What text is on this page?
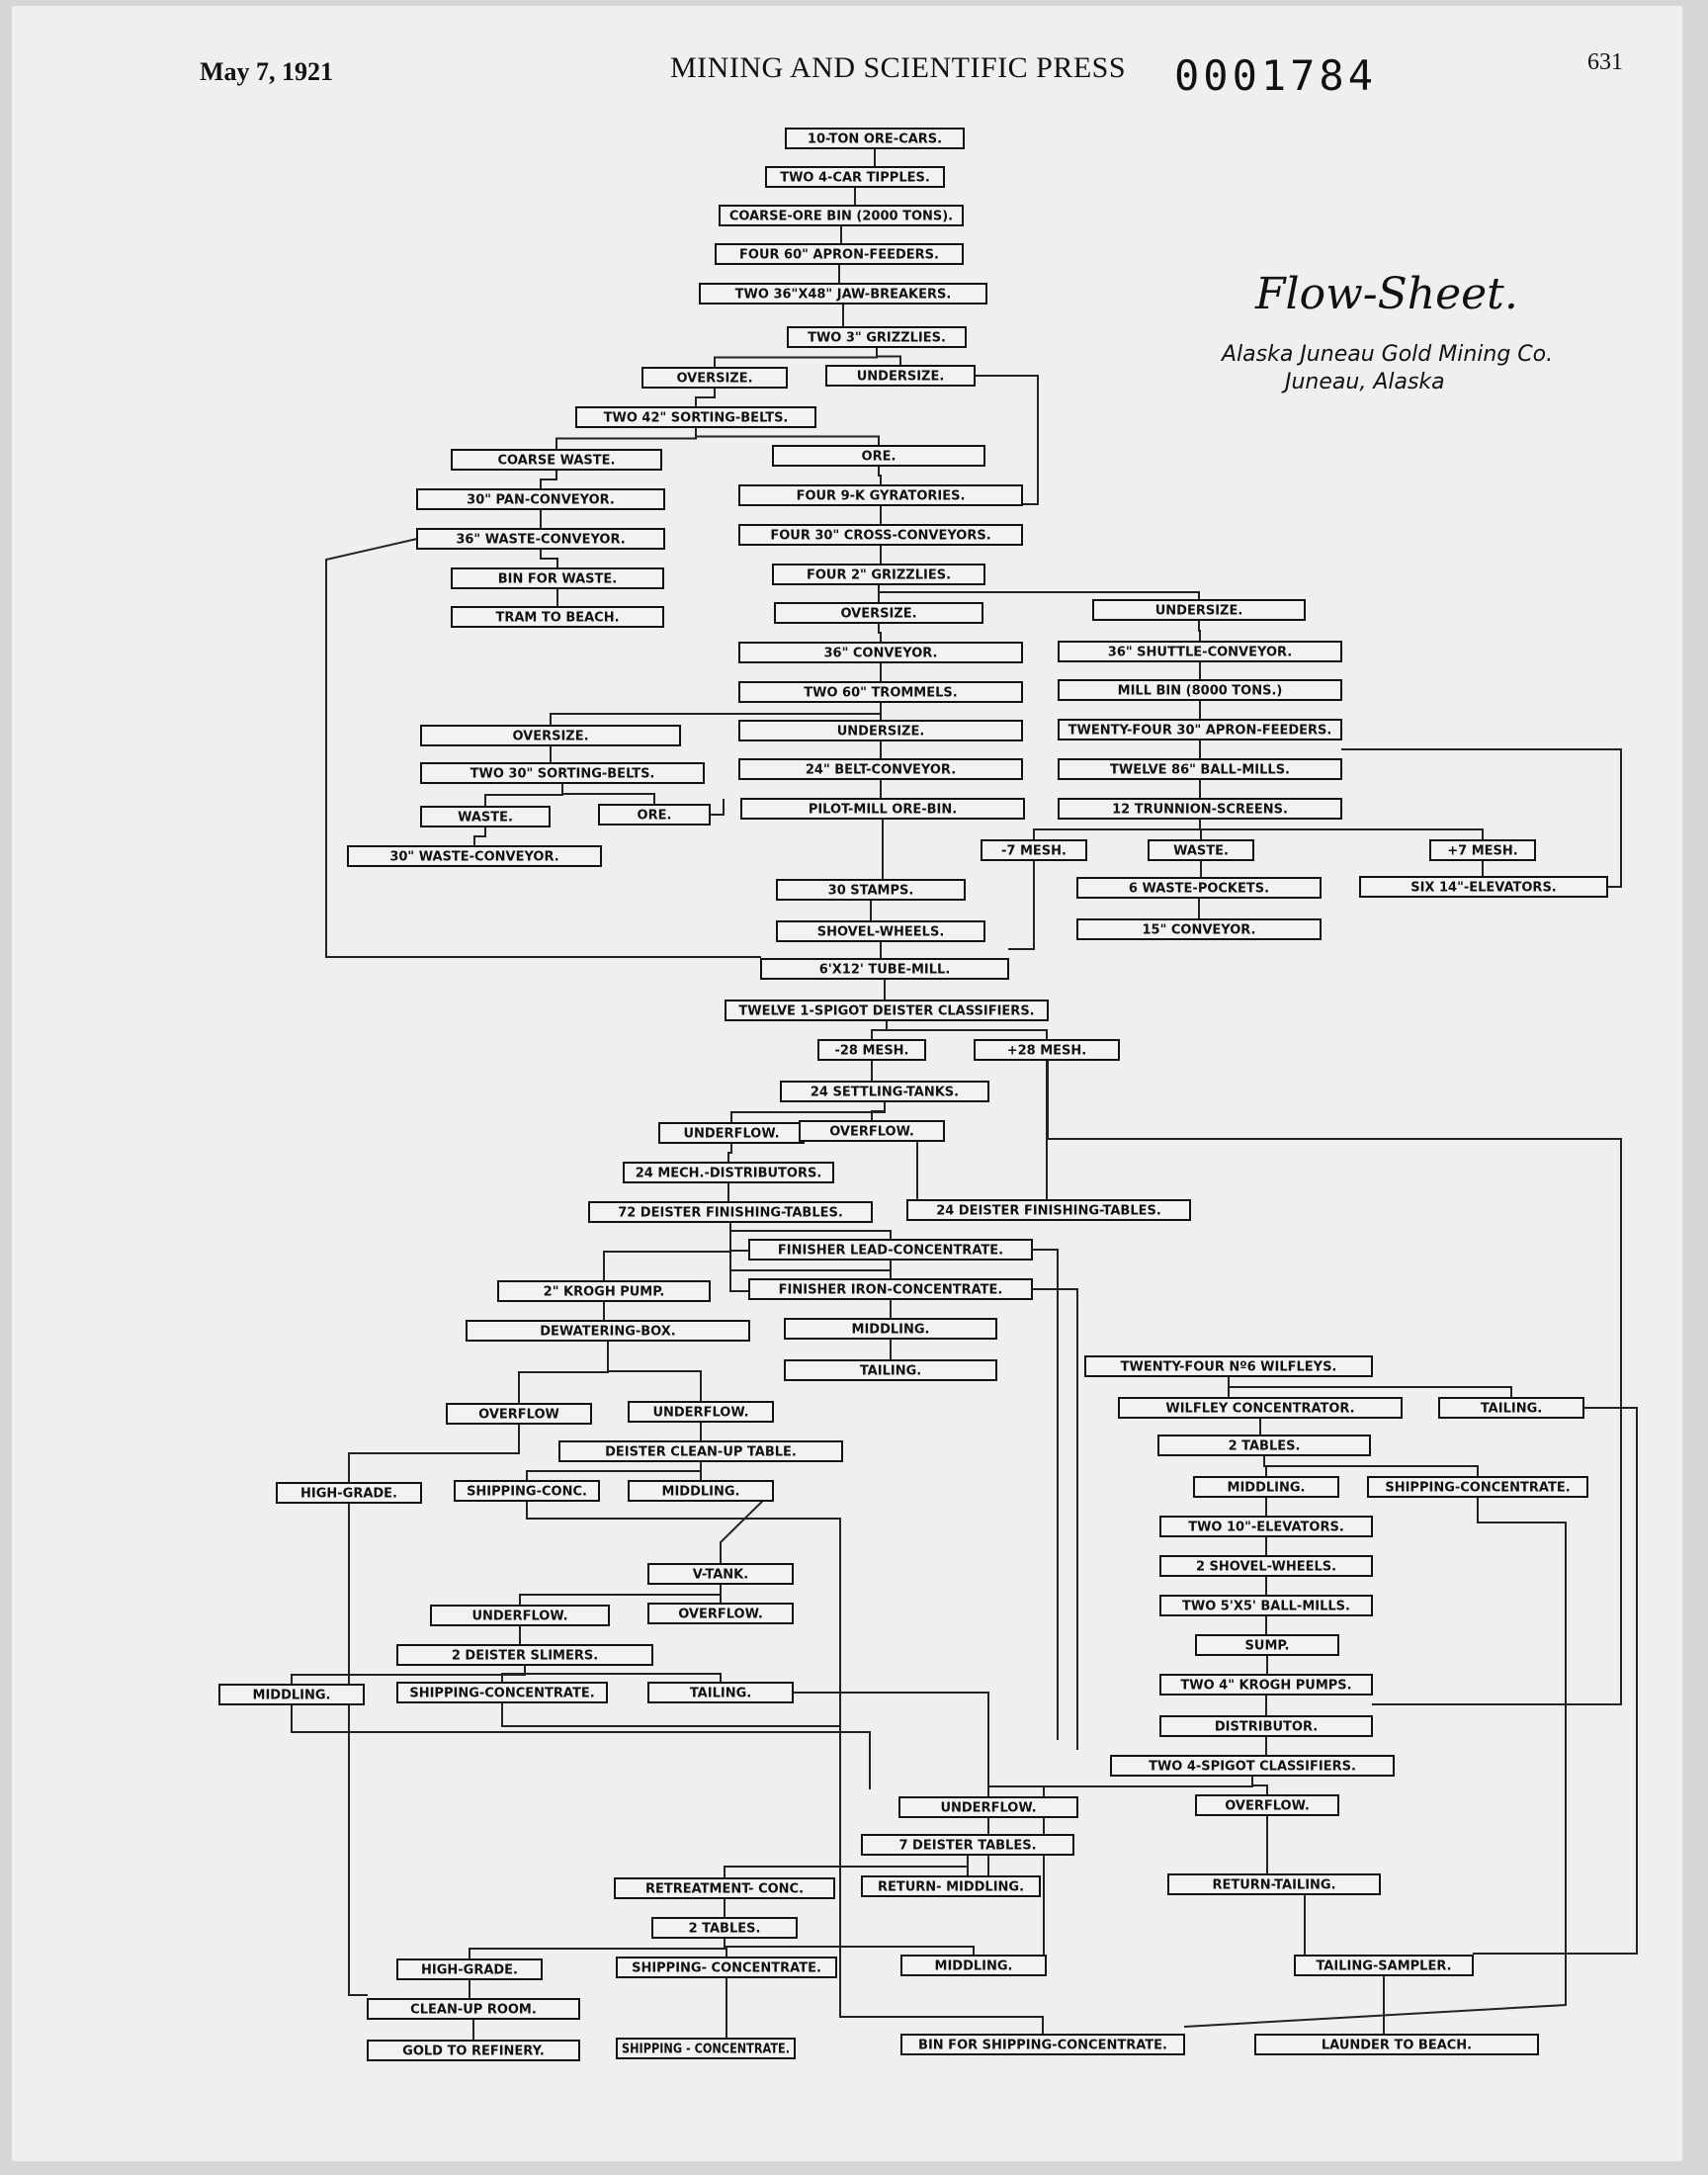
May 7, 1921	MINING AND SCIENTIFIC PRESS 0001784	631
Flow-Sheet.
Alaska Juneau Gold Mining Co.
Juneau, Alaska
10-TON ORE-CARS.
TWO 4-CAR TIPPLES.
COARSE-ORE BIN (2000 TONS).
FOUR 60" APRON-FEEDERS.
TWO 36"X48" JAW-BREAKERS.
TWO 3" GRIZZLIES.
OVERSIZE.	UNDERSIZE.
TWO 42" SORTING-BELTS.
COARSE WASTE.	ORE.
30" PAN-CONVEYOR.	FOUR 9-K GYRATORIES.
36" WASTE-CONVEYOR.	FOUR 30" CROSS-CONVEYORS.
BIN FOR WASTE.	FOUR 2" GRIZZLIES.
TRAM TO BEACH.	OVERSIZE.	UNDERSIZE.
36" CONVEYOR.	36" SHUTTLE-CONVEYOR.
TWO 60" TROMMELS.	MILL BIN (8000 TONS.)
OVERSIZE.	UNDERSIZE.	TWENTY-FOUR 30" APRON-FEEDERS.
TWO 30" SORTING-BELTS.	24" BELT-CONVEYOR.	TWELVE 86" BALL-MILLS.
WASTE.	ORE.	PILOT-MILL ORE-BIN.	12 TRUNNION-SCREENS.
30" WASTE-CONVEYOR.	-7 MESH.	WASTE.	+7 MESH.
30 STAMPS.	6 WASTE-POCKETS.	SIX 14"-ELEVATORS.
SHOVEL-WHEELS.	15" CONVEYOR.
6'X12' TUBE-MILL.
TWELVE 1-SPIGOT DEISTER CLASSIFIERS.
-28 MESH.	+28 MESH.
24 SETTLING-TANKS.
UNDERFLOW.	OVERFLOW.
24 MECH.-DISTRIBUTORS.
72 DEISTER FINISHING-TABLES.	24 DEISTER FINISHING-TABLES.
FINISHER LEAD-CONCENTRATE.
2" KROGH PUMP.	FINISHER IRON-CONCENTRATE.
DEWATERING-BOX.	MIDDLING.
TAILING.	TWENTY-FOUR Nº6 WILFLEYS.
OVERFLOW	UNDERFLOW.	WILFLEY CONCENTRATOR.	TAILING.
DEISTER CLEAN-UP TABLE.	2 TABLES.
HIGH-GRADE.	SHIPPING-CONC.	MIDDLING.	MIDDLING.	SHIPPING-CONCENTRATE.
TWO 10"-ELEVATORS.
2 SHOVEL-WHEELS.
V-TANK.
TWO 5'X5' BALL-MILLS.
UNDERFLOW.	OVERFLOW.
SUMP.
2 DEISTER SLIMERS.
TWO 4" KROGH PUMPS.
MIDDLING.	SHIPPING-CONCENTRATE.	TAILING.
DISTRIBUTOR.
TWO 4-SPIGOT CLASSIFIERS.
UNDERFLOW.	OVERFLOW.
7 DEISTER TABLES.
RETREATMENT- CONC.	RETURN- MIDDLING.	RETURN-TAILING.
2 TABLES.
HIGH-GRADE.	SHIPPING- CONCENTRATE.	MIDDLING.	TAILING-SAMPLER.
CLEAN-UP ROOM.
GOLD TO REFINERY.	SHIPPING - CONCENTRATE.	BIN FOR SHIPPING-CONCENTRATE.	LAUNDER TO BEACH.
